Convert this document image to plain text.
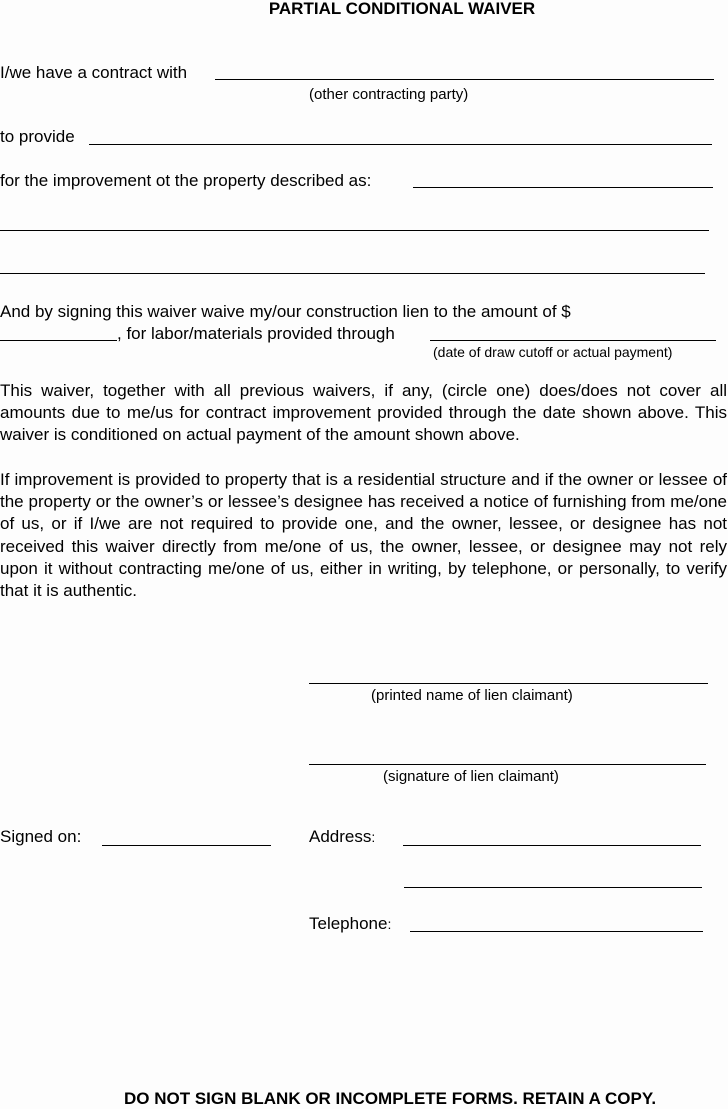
PARTIAL CONDITIONAL WAIVER
I/we have a contract with
(other contracting party)
to provide
for the improvement ot the property described as:
And by signing this waiver waive my/our construction lien to the amount of $
, for labor/materials provided through
(date of draw cutoff or actual payment)
This waiver, together with all previous waivers, if any, (circle one) does/does not cover all amounts due to me/us for contract improvement provided through the date shown above. This waiver is conditioned on actual payment of the amount shown above.
If improvement is provided to property that is a residential structure and if the owner or lessee of the property or the owner’s or lessee’s designee has received a notice of furnishing from me/one of us, or if I/we are not required to provide one, and the owner, lessee, or designee has not received this waiver directly from me/one of us, the owner, lessee, or designee may not rely upon it without contracting me/one of us, either in writing, by telephone, or personally, to verify that it is authentic.
(printed name of lien claimant)
(signature of lien claimant)
Signed on:	Address:
Telephone:
DO NOT SIGN BLANK OR INCOMPLETE FORMS. RETAIN A COPY.
